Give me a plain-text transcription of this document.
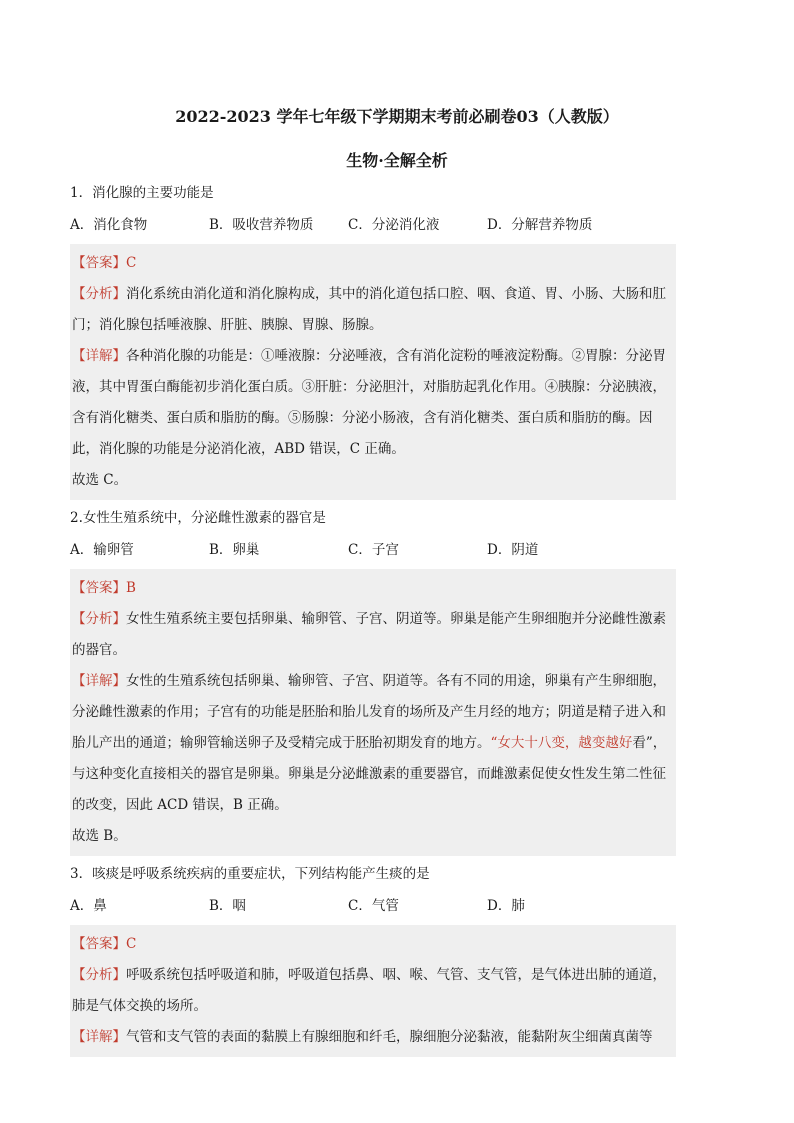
2022-2023 学年七年级下学期期末考前必刷卷03（人教版）
生物·全解全析

1．消化腺的主要功能是

A．消化食物	B．吸收营养物质	C．分泌消化液	D．分解营养物质

【答案】C

【分析】消化系统由消化道和消化腺构成，其中的消化道包括口腔、咽、食道、胃、小肠、大肠和肛门；消化腺包括唾液腺、肝脏、胰腺、胃腺、肠腺。

【详解】各种消化腺的功能是：①唾液腺：分泌唾液，含有消化淀粉的唾液淀粉酶。②胃腺：分泌胃液，其中胃蛋白酶能初步消化蛋白质。③肝脏：分泌胆汁，对脂肪起乳化作用。④胰腺：分泌胰液，含有消化糖类、蛋白质和脂肪的酶。⑤肠腺：分泌小肠液，含有消化糖类、蛋白质和脂肪的酶。因此，消化腺的功能是分泌消化液，ABD 错误，C 正确。

故选 C。

2.女性生殖系统中，分泌雌性激素的器官是

A．输卵管	B．卵巢	C．子宫	D．阴道

【答案】B

【分析】女性生殖系统主要包括卵巢、输卵管、子宫、阴道等。卵巢是能产生卵细胞并分泌雌性激素的器官。

【详解】女性的生殖系统包括卵巢、输卵管、子宫、阴道等。各有不同的用途，卵巢有产生卵细胞，分泌雌性激素的作用；子宫有的功能是胚胎和胎儿发育的场所及产生月经的地方；阴道是精子进入和胎儿产出的通道；输卵管输送卵子及受精完成于胚胎初期发育的地方。“女大十八变，越变越好看”，与这种变化直接相关的器官是卵巢。卵巢是分泌雌激素的重要器官，而雌激素促使女性发生第二性征的改变，因此 ACD 错误，B 正确。

故选 B。

3．咳痰是呼吸系统疾病的重要症状，下列结构能产生痰的是

A．鼻	B．咽	C．气管	D．肺

【答案】C

【分析】呼吸系统包括呼吸道和肺，呼吸道包括鼻、咽、喉、气管、支气管，是气体进出肺的通道，肺是气体交换的场所。

【详解】气管和支气管的表面的黏膜上有腺细胞和纤毛，腺细胞分泌黏液，能黏附灰尘细菌真菌等
